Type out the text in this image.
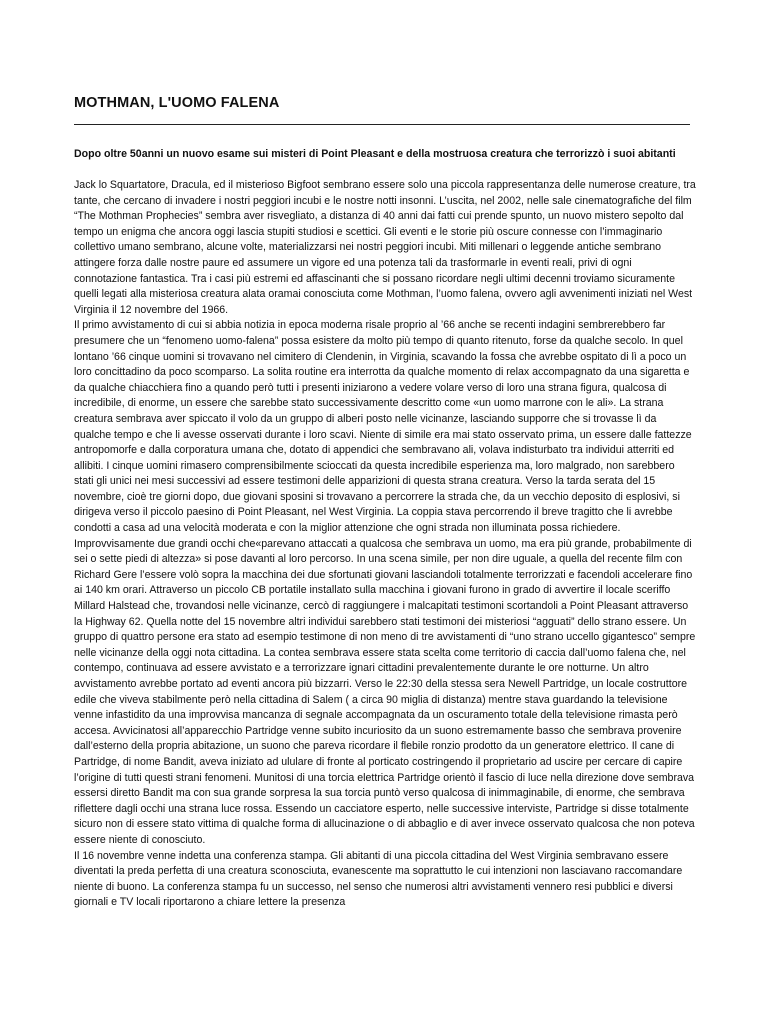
MOTHMAN, L'UOMO FALENA

Dopo oltre 50anni un nuovo esame sui misteri di Point Pleasant e della mostruosa creatura che terrorizzò i suoi abitanti

Jack lo Squartatore, Dracula, ed il misterioso Bigfoot sembrano essere solo una piccola rappresentanza delle numerose creature, tra tante, che cercano di invadere i nostri peggiori incubi e le nostre notti insonni. L’uscita, nel 2002, nelle sale cinematografiche del film “The Mothman Prophecies” sembra aver risvegliato, a distanza di 40 anni dai fatti cui prende spunto, un nuovo mistero sepolto dal tempo un enigma che ancora oggi lascia stupiti studiosi e scettici. Gli eventi e le storie più oscure connesse con l’immaginario collettivo umano sembrano, alcune volte, materializzarsi nei nostri peggiori incubi. Miti millenari o leggende antiche sembrano attingere forza dalle nostre paure ed assumere un vigore ed una potenza tali da trasformarle in eventi reali, privi di ogni connotazione fantastica. Tra i casi più estremi ed affascinanti che si possano ricordare negli ultimi decenni troviamo sicuramente quelli legati alla misteriosa creatura alata oramai conosciuta come Mothman, l’uomo falena, ovvero agli avvenimenti iniziati nel West Virginia il 12 novembre del 1966.

Il primo avvistamento di cui si abbia notizia in epoca moderna risale proprio al ’66 anche se recenti indagini sembrerebbero far presumere che un “fenomeno uomo-falena” possa esistere da molto più tempo di quanto ritenuto, forse da qualche secolo. In quel lontano ’66 cinque uomini si trovavano nel cimitero di Clendenin, in Virginia, scavando la fossa che avrebbe ospitato di lì a poco un loro concittadino da poco scomparso. La solita routine era interrotta da qualche momento di relax accompagnato da una sigaretta e da qualche chiacchiera fino a quando però tutti i presenti iniziarono a vedere volare verso di loro una strana figura, qualcosa di incredibile, di enorme, un essere che sarebbe stato successivamente descritto come «un uomo marrone con le ali». La strana creatura sembrava aver spiccato il volo da un gruppo di alberi posto nelle vicinanze, lasciando supporre che si trovasse lì da qualche tempo e che li avesse osservati durante i loro scavi. Niente di simile era mai stato osservato prima, un essere dalle fattezze antropomorfe e dalla corporatura umana che, dotato di appendici che sembravano ali, volava indisturbato tra individui atterriti ed allibiti. I cinque uomini rimasero comprensibilmente scioccati da questa incredibile esperienza ma, loro malgrado, non sarebbero stati gli unici nei mesi successivi ad essere testimoni delle apparizioni di questa strana creatura. Verso la tarda serata del 15 novembre, cioè tre giorni dopo, due giovani sposini si trovavano a percorrere la strada che, da un vecchio deposito di esplosivi, si dirigeva verso il piccolo paesino di Point Pleasant, nel West Virginia. La coppia stava percorrendo il breve tragitto che li avrebbe condotti a casa ad una velocità moderata e con la miglior attenzione che ogni strada non illuminata possa richiedere. Improvvisamente due grandi occhi che«parevano attaccati a qualcosa che sembrava un uomo, ma era più grande, probabilmente di sei o sette piedi di altezza» si pose davanti al loro percorso. In una scena simile, per non dire uguale, a quella del recente film con Richard Gere l’essere volò sopra la macchina dei due sfortunati giovani lasciandoli totalmente terrorizzati e facendoli accelerare fino ai 140 km orari. Attraverso un piccolo CB portatile installato sulla macchina i giovani furono in grado di avvertire il locale sceriffo Millard Halstead che, trovandosi nelle vicinanze, cercò di raggiungere i malcapitati testimoni scortandoli a Point Pleasant attraverso la Highway 62. Quella notte del 15 novembre altri individui sarebbero stati testimoni dei misteriosi “agguati” dello strano essere. Un gruppo di quattro persone era stato ad esempio testimone di non meno di tre avvistamenti di “uno strano uccello gigantesco” sempre nelle vicinanze della oggi nota cittadina. La contea sembrava essere stata scelta come territorio di caccia dall’uomo falena che, nel contempo, continuava ad essere avvistato e a terrorizzare ignari cittadini prevalentemente durante le ore notturne. Un altro avvistamento avrebbe portato ad eventi ancora più bizzarri. Verso le 22:30 della stessa sera Newell Partridge, un locale costruttore edile che viveva stabilmente però nella cittadina di Salem ( a circa 90 miglia di distanza) mentre stava guardando la televisione venne infastidito da una improvvisa mancanza di segnale accompagnata da un oscuramento totale della televisione rimasta però accesa. Avvicinatosi all’apparecchio Partridge venne subito incuriosito da un suono estremamente basso che sembrava provenire dall’esterno della propria abitazione, un suono che pareva ricordare il flebile ronzio prodotto da un generatore elettrico. Il cane di Partridge, di nome Bandit, aveva iniziato ad ululare di fronte al porticato costringendo il proprietario ad uscire per cercare di capire l’origine di tutti questi strani fenomeni. Munitosi di una torcia elettrica Partridge orientò il fascio di luce nella direzione dove sembrava essersi diretto Bandit ma con sua grande sorpresa la sua torcia puntò verso qualcosa di inimmaginabile, di enorme, che sembrava riflettere dagli occhi una strana luce rossa. Essendo un cacciatore esperto, nelle successive interviste, Partridge si disse totalmente sicuro non di essere stato vittima di qualche forma di allucinazione o di abbaglio e di aver invece osservato qualcosa che non poteva essere niente di conosciuto.

Il 16 novembre venne indetta una conferenza stampa. Gli abitanti di una piccola cittadina del West Virginia sembravano essere diventati la preda perfetta di una creatura sconosciuta, evanescente ma soprattutto le cui intenzioni non lasciavano raccomandare niente di buono. La conferenza stampa fu un successo, nel senso che numerosi altri avvistamenti vennero resi pubblici e diversi giornali e TV locali riportarono a chiare lettere la presenza
